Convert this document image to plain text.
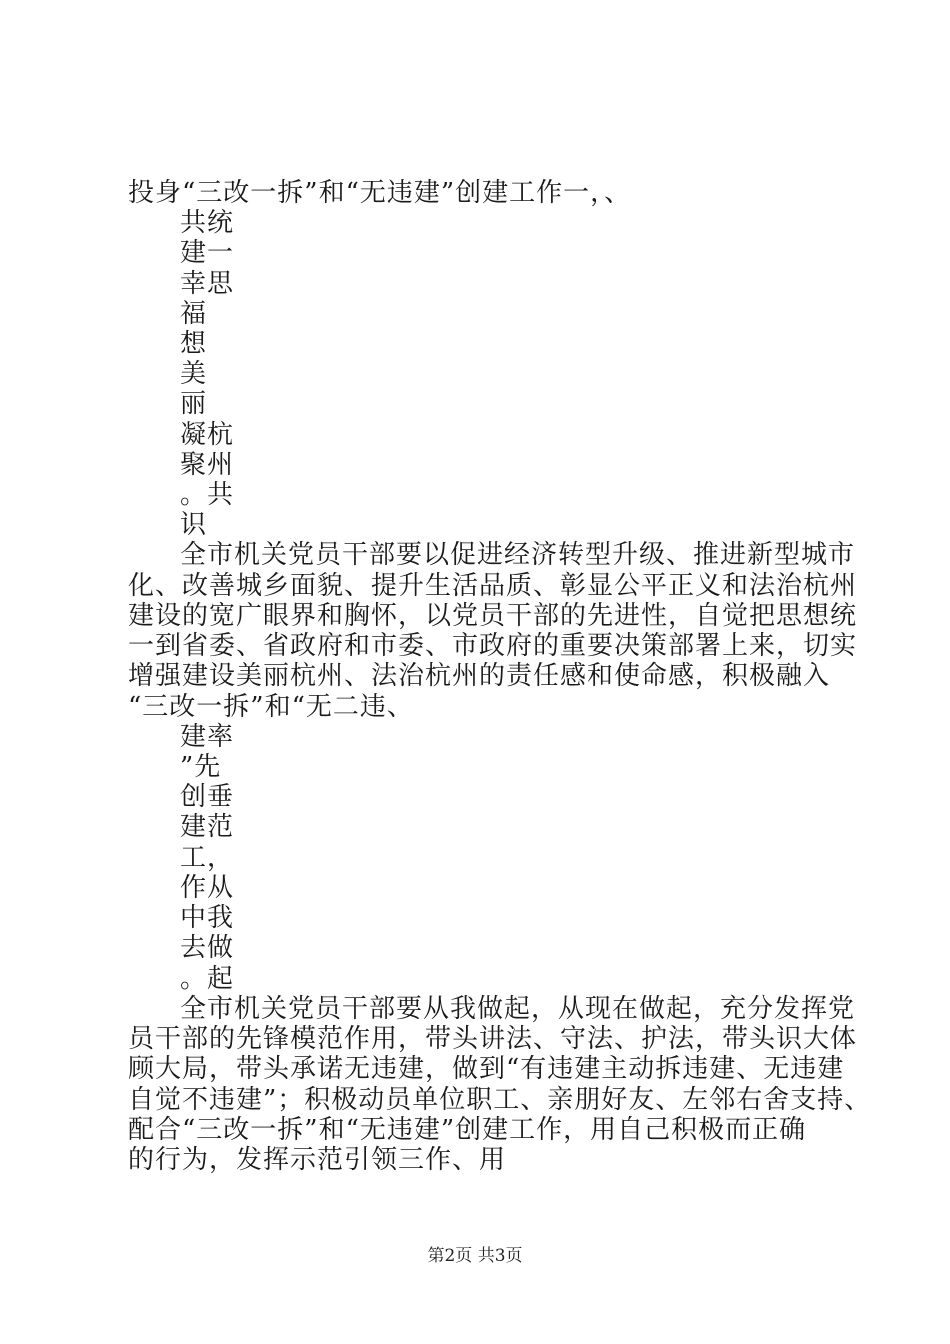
投身“三改一拆”和“无违建”创建工作一，、
共统
建一
幸思
福
想
美
丽
凝杭
聚州
。共
识
全市机关党员干部要以促进经济转型升级、推进新型城市
化、改善城乡面貌、提升生活品质、彰显公平正义和法治杭州
建设的宽广眼界和胸怀，以党员干部的先进性，自觉把思想统
一到省委、省政府和市委、市政府的重要决策部署上来，切实
增强建设美丽杭州、法治杭州的责任感和使命感，积极融入
“三改一拆”和“无二违、
建率
”先
创垂
建范
工，
作从
中我
去做
。起
全市机关党员干部要从我做起，从现在做起，充分发挥党
员干部的先锋模范作用，带头讲法、守法、护法，带头识大体
顾大局，带头承诺无违建，做到“有违建主动拆违建、无违建
自觉不违建”；积极动员单位职工、亲朋好友、左邻右舍支持、
配合“三改一拆”和“无违建”创建工作，用自己积极而正确
的行为，发挥示范引领三作、用
第2页 共3页
